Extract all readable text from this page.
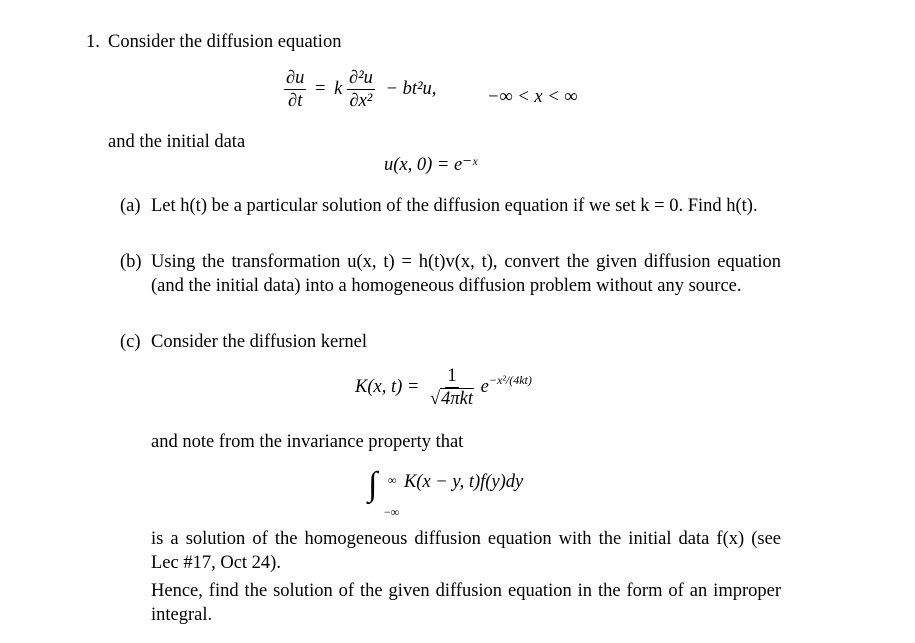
1. Consider the diffusion equation
$\frac{\partial u}{\partial t} = k \frac{\text{∂²u}}{\text{∂x²}} - bt^2u$,	−∞ < x < ∞
and the initial data
u(x, 0) = e⁻ˣ
(a) Let h(t) be a particular solution of the diffusion equation if we set k = 0. Find h(t).
(b) Using the transformation u(x, t) = h(t)v(x, t), convert the given diffusion equation (and the initial data) into a homogeneous diffusion problem without any source.
(c) Consider the diffusion kernel
K(x, $t) = \frac{1}{\text{√4πkt}} e^{-x^2/(4kt)}$
and note from the invariance property that
∫ ∞
−∞
K(x − y, t)f(y)dy
is a solution of the homogeneous diffusion equation with the initial data f(x) (see Lec #17, Oct 24).
Hence, find the solution of the given diffusion equation in the form of an improper integral.
